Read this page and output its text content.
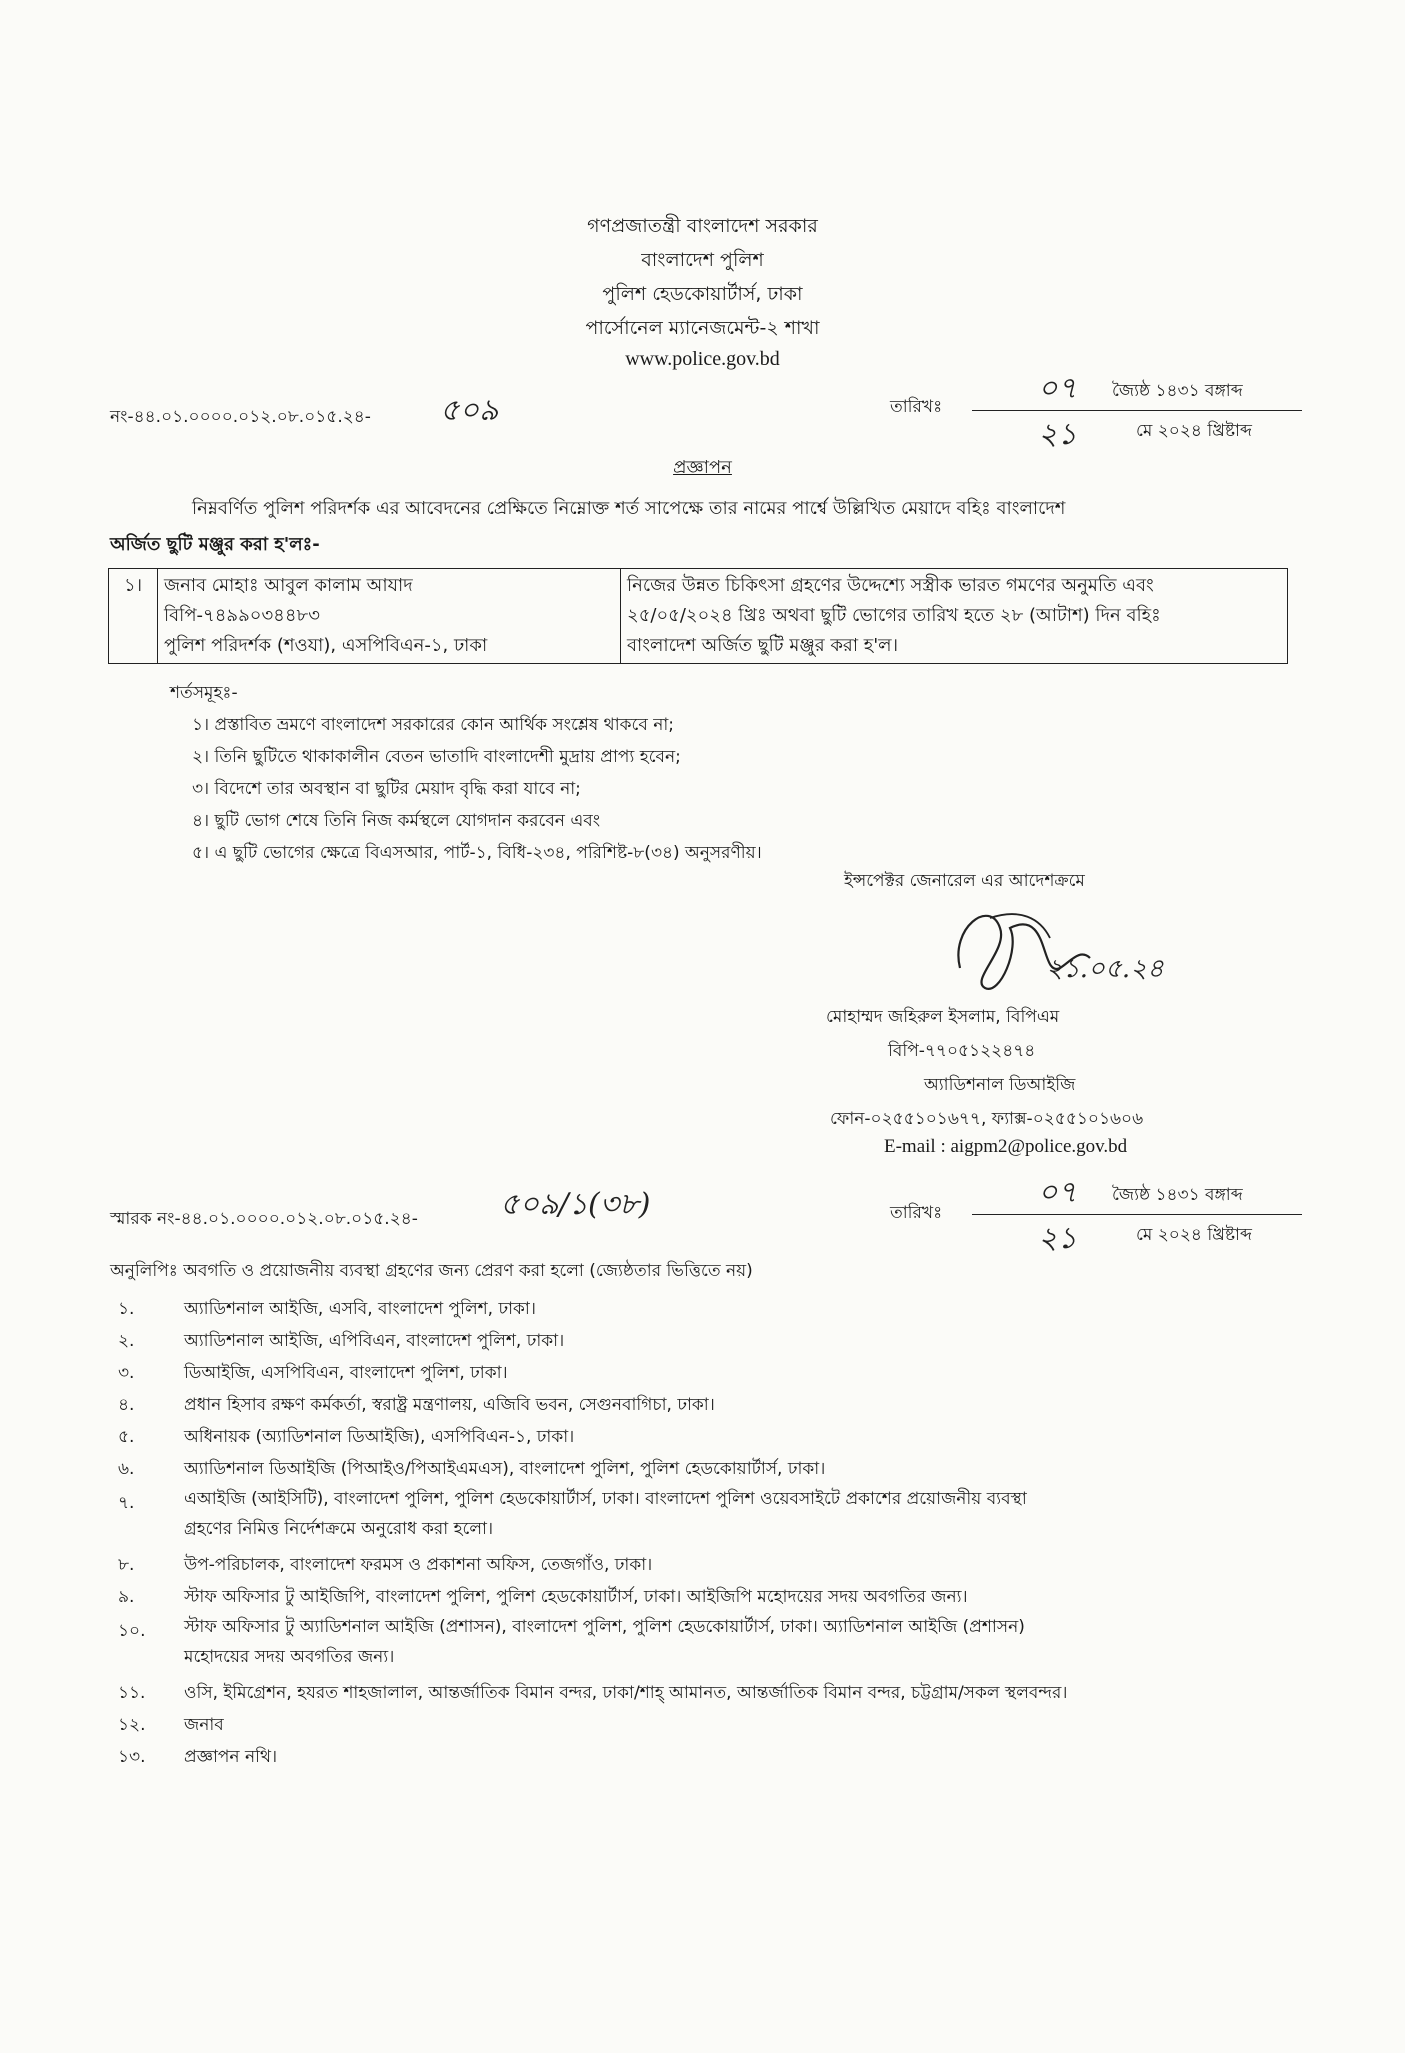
গণপ্রজাতন্ত্রী বাংলাদেশ সরকার
বাংলাদেশ পুলিশ
পুলিশ হেডকোয়ার্টার্স, ঢাকা
পার্সোনেল ম্যানেজমেন্ট-২ শাখা
www.police.gov.bd
নং-৪৪.০১.০০০০.০১২.০৮.০১৫.২৪- ৫০৯	তারিখঃ
০৭ জ্যৈষ্ঠ ১৪৩১ বঙ্গাব্দ
২১	মে ২০২৪ খ্রিষ্টাব্দ
প্রজ্ঞাপন
নিম্নবর্ণিত পুলিশ পরিদর্শক এর আবেদনের প্রেক্ষিতে নিম্নোক্ত শর্ত সাপেক্ষে তার নামের পার্শ্বে উল্লিখিত মেয়াদে বহিঃ বাংলাদেশ
অর্জিত ছুটি মঞ্জুর করা হ'লঃ-
১।	জনাব মোহাঃ আবুল কালাম আযাদ
বিপি-৭৪৯৯০৩৪৪৮৩
পুলিশ পরিদর্শক (শওযা), এসপিবিএন-১, ঢাকা

নিজের উন্নত চিকিৎসা গ্রহণের উদ্দেশ্যে সস্ত্রীক ভারত গমণের অনুমতি এবং
২৫/০৫/২০২৪ খ্রিঃ অথবা ছুটি ভোগের তারিখ হতে ২৮ (আটাশ) দিন বহিঃ
বাংলাদেশ অর্জিত ছুটি মঞ্জুর করা হ'ল।
শর্তসমূহঃ-
১। প্রস্তাবিত ভ্রমণে বাংলাদেশ সরকারের কোন আর্থিক সংশ্লেষ থাকবে না;
২। তিনি ছুটিতে থাকাকালীন বেতন ভাতাদি বাংলাদেশী মুদ্রায় প্রাপ্য হবেন;
৩। বিদেশে তার অবস্থান বা ছুটির মেয়াদ বৃদ্ধি করা যাবে না;
৪। ছুটি ভোগ শেষে তিনি নিজ কর্মস্থলে যোগদান করবেন এবং
৫। এ ছুটি ভোগের ক্ষেত্রে বিএসআর, পার্ট-১, বিধি-২৩৪, পরিশিষ্ট-৮(৩৪) অনুসরণীয়।
ইন্সপেক্টর জেনারেল এর আদেশক্রমে
২১.০৫.২৪
মোহাম্মদ জহিরুল ইসলাম, বিপিএম
বিপি-৭৭০৫১২২৪৭৪
অ্যাডিশনাল ডিআইজি
ফোন-০২৫৫১০১৬৭৭, ফ্যাক্স-০২৫৫১০১৬০৬
E-mail : aigpm2@police.gov.bd
স্মারক নং-৪৪.০১.০০০০.০১২.০৮.০১৫.২৪-	৫০৯/১(৩৮)	তারিখঃ
০৭ জ্যৈষ্ঠ ১৪৩১ বঙ্গাব্দ
২১	মে ২০২৪ খ্রিষ্টাব্দ
অনুলিপিঃ অবগতি ও প্রয়োজনীয় ব্যবস্থা গ্রহণের জন্য প্রেরণ করা হলো (জ্যেষ্ঠতার ভিত্তিতে নয়)
১.	অ্যাডিশনাল আইজি, এসবি, বাংলাদেশ পুলিশ, ঢাকা।
২.	অ্যাডিশনাল আইজি, এপিবিএন, বাংলাদেশ পুলিশ, ঢাকা।
৩.	ডিআইজি, এসপিবিএন, বাংলাদেশ পুলিশ, ঢাকা।
৪.	প্রধান হিসাব রক্ষণ কর্মকর্তা, স্বরাষ্ট্র মন্ত্রণালয়, এজিবি ভবন, সেগুনবাগিচা, ঢাকা।
৫.	অধিনায়ক (অ্যাডিশনাল ডিআইজি), এসপিবিএন-১, ঢাকা।
৬.	অ্যাডিশনাল ডিআইজি (পিআইও/পিআইএমএস), বাংলাদেশ পুলিশ, পুলিশ হেডকোয়ার্টার্স, ঢাকা।
৭.	এআইজি (আইসিটি), বাংলাদেশ পুলিশ, পুলিশ হেডকোয়ার্টার্স, ঢাকা। বাংলাদেশ পুলিশ ওয়েবসাইটে প্রকাশের প্রয়োজনীয় ব্যবস্থা
গ্রহণের নিমিত্ত নির্দেশক্রমে অনুরোধ করা হলো।
৮.	উপ-পরিচালক, বাংলাদেশ ফরমস ও প্রকাশনা অফিস, তেজগাঁও, ঢাকা।
৯.	স্টাফ অফিসার টু আইজিপি, বাংলাদেশ পুলিশ, পুলিশ হেডকোয়ার্টার্স, ঢাকা। আইজিপি মহোদয়ের সদয় অবগতির জন্য।
১০. স্টাফ অফিসার টু অ্যাডিশনাল আইজি (প্রশাসন), বাংলাদেশ পুলিশ, পুলিশ হেডকোয়ার্টার্স, ঢাকা। অ্যাডিশনাল আইজি (প্রশাসন)
মহোদয়ের সদয় অবগতির জন্য।
১১. ওসি, ইমিগ্রেশন, হযরত শাহজালাল, আন্তর্জাতিক বিমান বন্দর, ঢাকা/শাহ্ আমানত, আন্তর্জাতিক বিমান বন্দর, চট্টগ্রাম/সকল স্থলবন্দর।
১২. জনাব
১৩. প্রজ্ঞাপন নথি।
